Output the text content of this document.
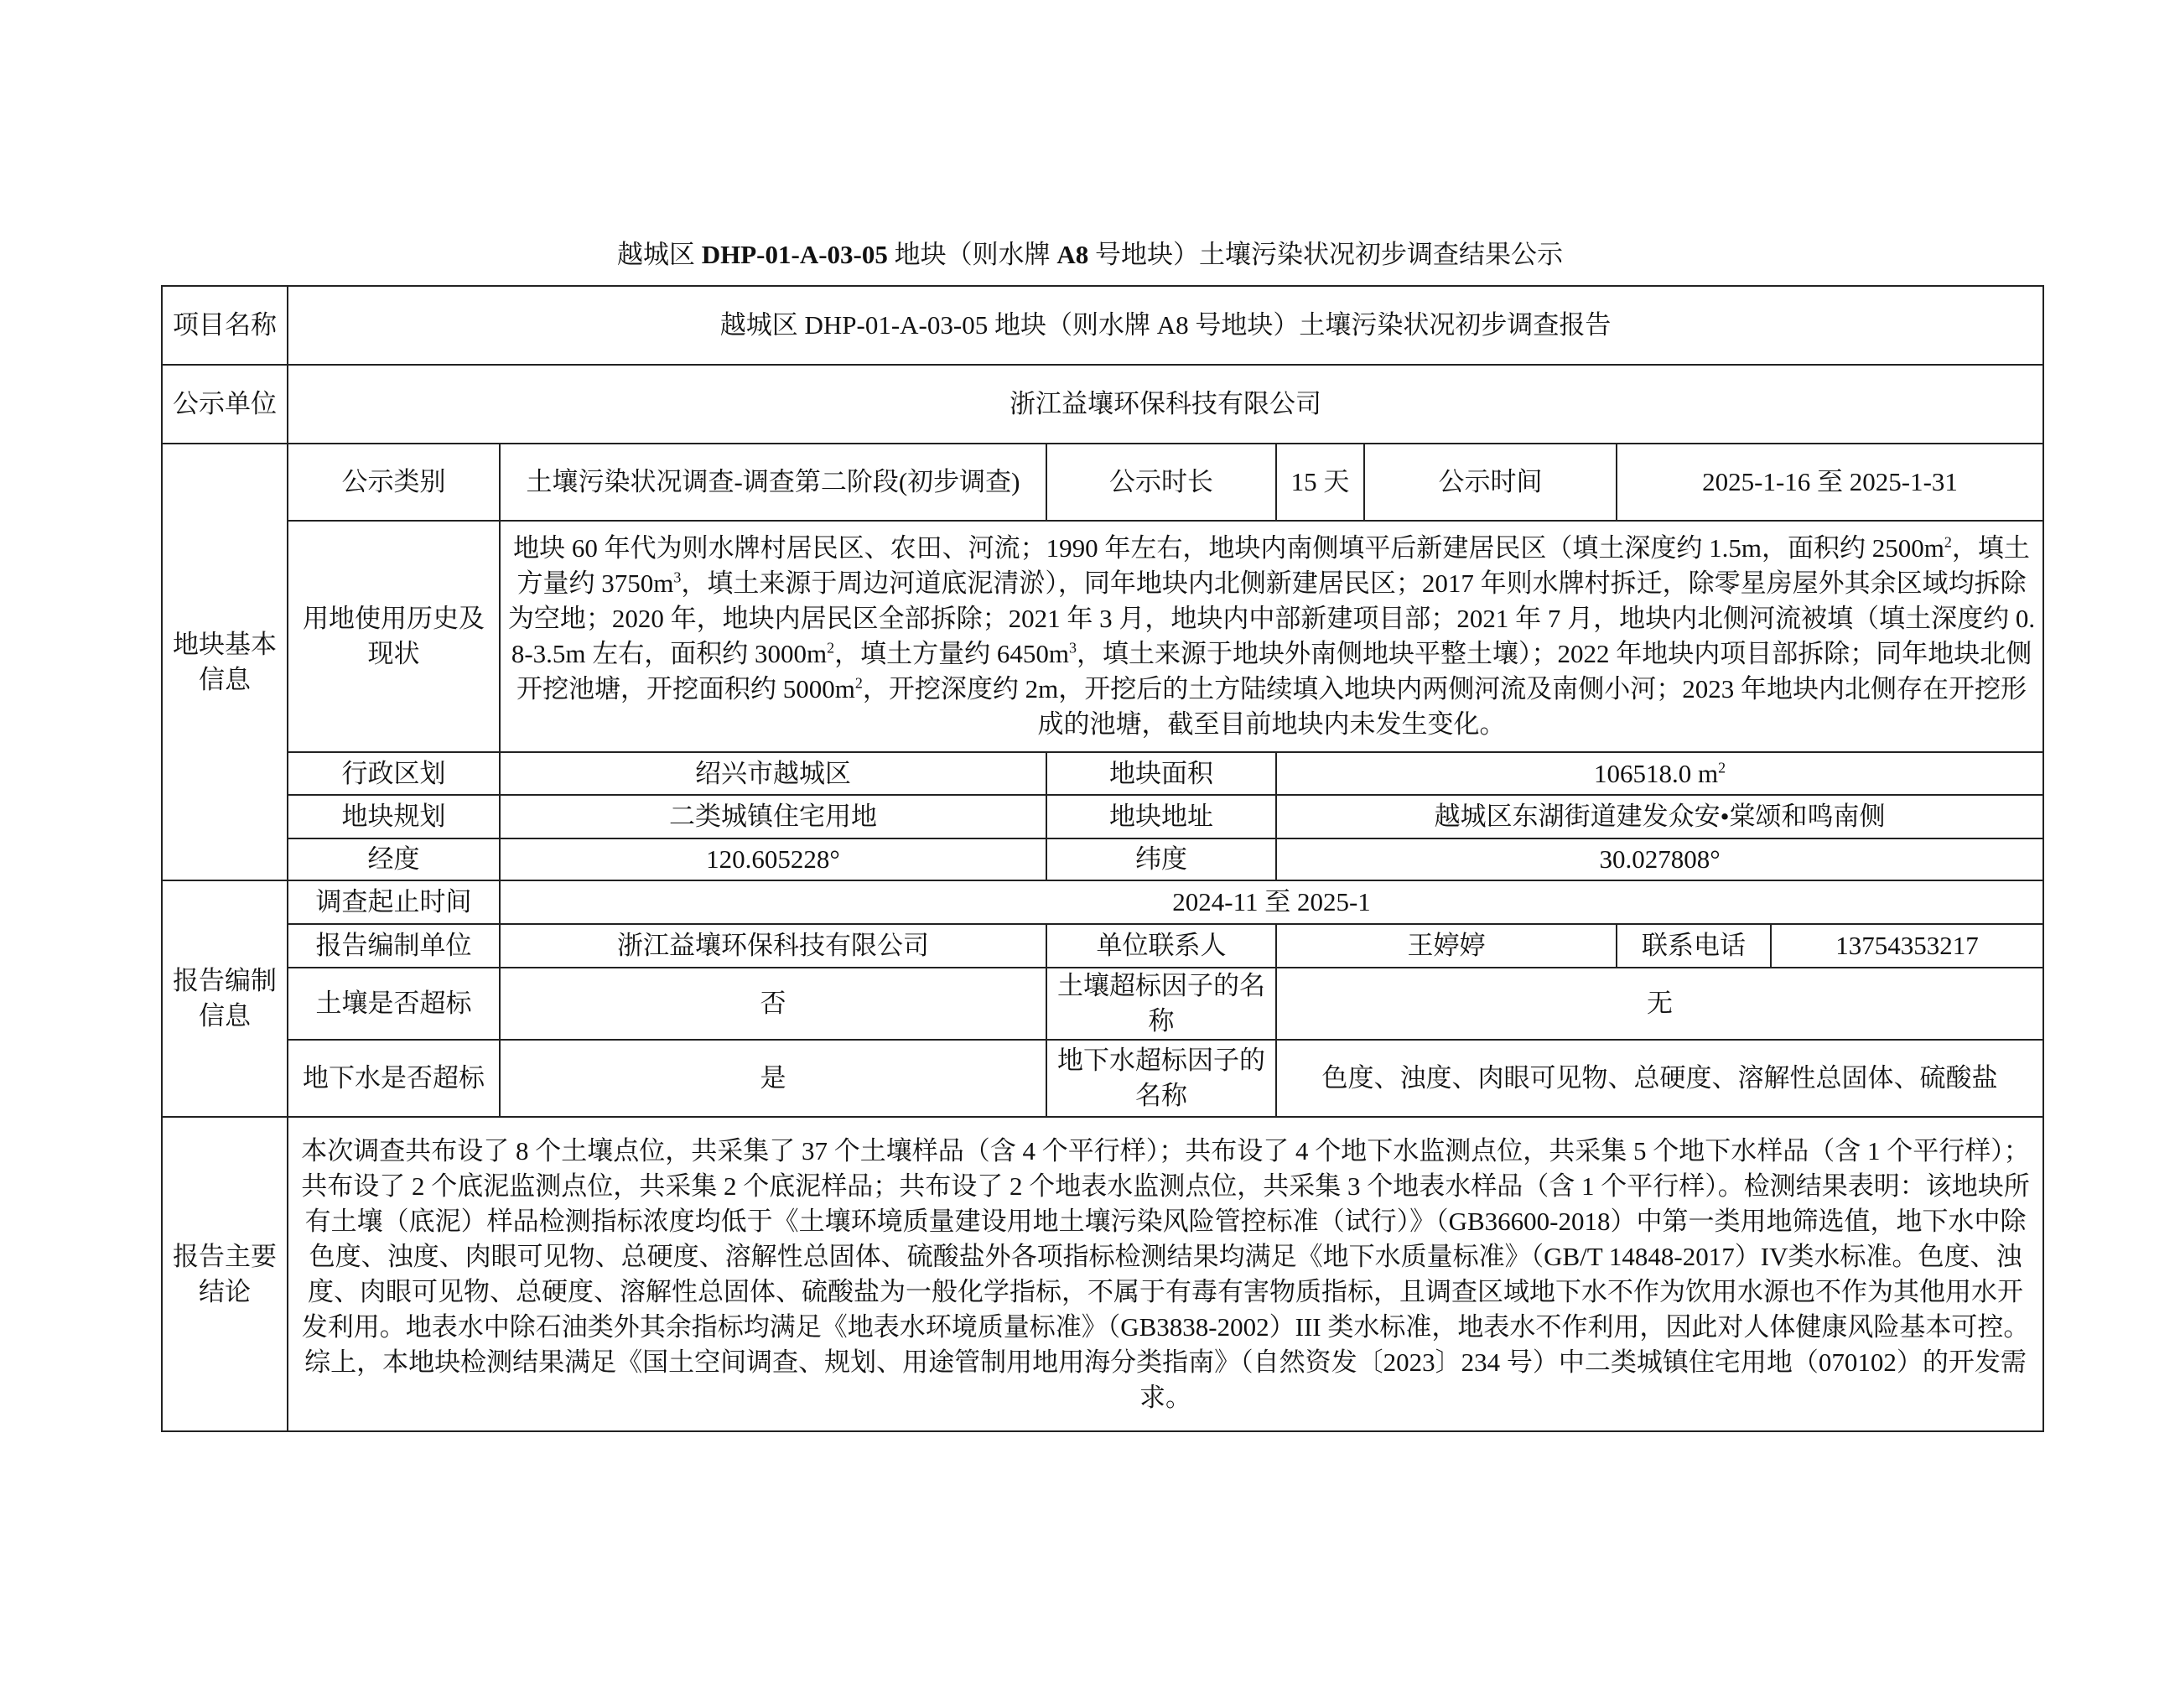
越城区 DHP-01-A-03-05 地块（则水牌 A8 号地块）土壤污染状况初步调查结果公示
项目名称	越城区 DHP-01-A-03-05 地块（则水牌 A8 号地块）土壤污染状况初步调查报告						
公示单位	浙江益壤环保科技有限公司						
地块基本信息	公示类别	土壤污染状况调查-调查第二阶段(初步调查)	公示时长	15 天	公示时间	2025-1-16 至 2025-1-31	
	用地使用历史及现状	地块 60 年代为则水牌村居民区、农田、河流；1990 年左右，地块内南侧填平后新建居民区（填土深度约 1.5m，面积约 $2500m^2$，填土方量约 $3750m^3$，填土来源于周边河道底泥清淤），同年地块内北侧新建居民区；2017 年则水牌村拆迁，除零星房屋外其余区域均拆除为空地；2020 年，地块内居民区全部拆除；2021 年 3 月，地块内中部新建项目部；2021 年 7 月，地块内北侧河流被填（填土深度约 0.8-3.5m 左右，面积约 $3000m^2$，填土方量约 $6450m^3$，填土来源于地块外南侧地块平整土壤）；2022 年地块内项目部拆除；同年地块北侧开挖池塘，开挖面积约 $5000m^2$，开挖深度约 2m，开挖后的土方陆续填入地块内两侧河流及南侧小河；2023 年地块内北侧存在开挖形成的池塘，截至目前地块内未发生变化。					
	行政区划	绍兴市越城区	地块面积	106518.0 $m^2$
	地块规划	二类城镇住宅用地	地块地址	越城区东湖街道建发众安•棠颂和鸣南侧			
	经度	120.605228°	纬度	30.027808°			
报告编制信息	调查起止时间	2024-11 至 2025-1					
	报告编制单位	浙江益壤环保科技有限公司	单位联系人	王婷婷		联系电话	13754353217
	土壤是否超标	否	土壤超标因子的名称	无			
	地下水是否超标	是	地下水超标因子的名称	色度、浊度、肉眼可见物、总硬度、溶解性总固体、硫酸盐			
报告主要结论	本次调查共布设了 8 个土壤点位，共采集了 37 个土壤样品（含 4 个平行样）；共布设了 4 个地下水监测点位，共采集 5 个地下水样品（含 1 个平行样）；共布设了 2 个底泥监测点位，共采集 2 个底泥样品；共布设了 2 个地表水监测点位，共采集 3 个地表水样品（含 1 个平行样）。检测结果表明：该地块所有土壤（底泥）样品检测指标浓度均低于《土壤环境质量建设用地土壤污染风险管控标准（试行）》（GB36600-2018）中第一类用地筛选值，地下水中除色度、浊度、肉眼可见物、总硬度、溶解性总固体、硫酸盐外各项指标检测结果均满足《地下水质量标准》（GB/T 14848-2017）IV类水标准。色度、浊度、肉眼可见物、总硬度、溶解性总固体、硫酸盐为一般化学指标，不属于有毒有害物质指标，且调查区域地下水不作为饮用水源也不作为其他用水开发利用。地表水中除石油类外其余指标均满足《地表水环境质量标准》（GB3838-2002）III 类水标准，地表水不作利用，因此对人体健康风险基本可控。综上，本地块检测结果满足《国土空间调查、规划、用途管制用地用海分类指南》（自然资发〔2023〕234 号）中二类城镇住宅用地（070102）的开发需求。						
